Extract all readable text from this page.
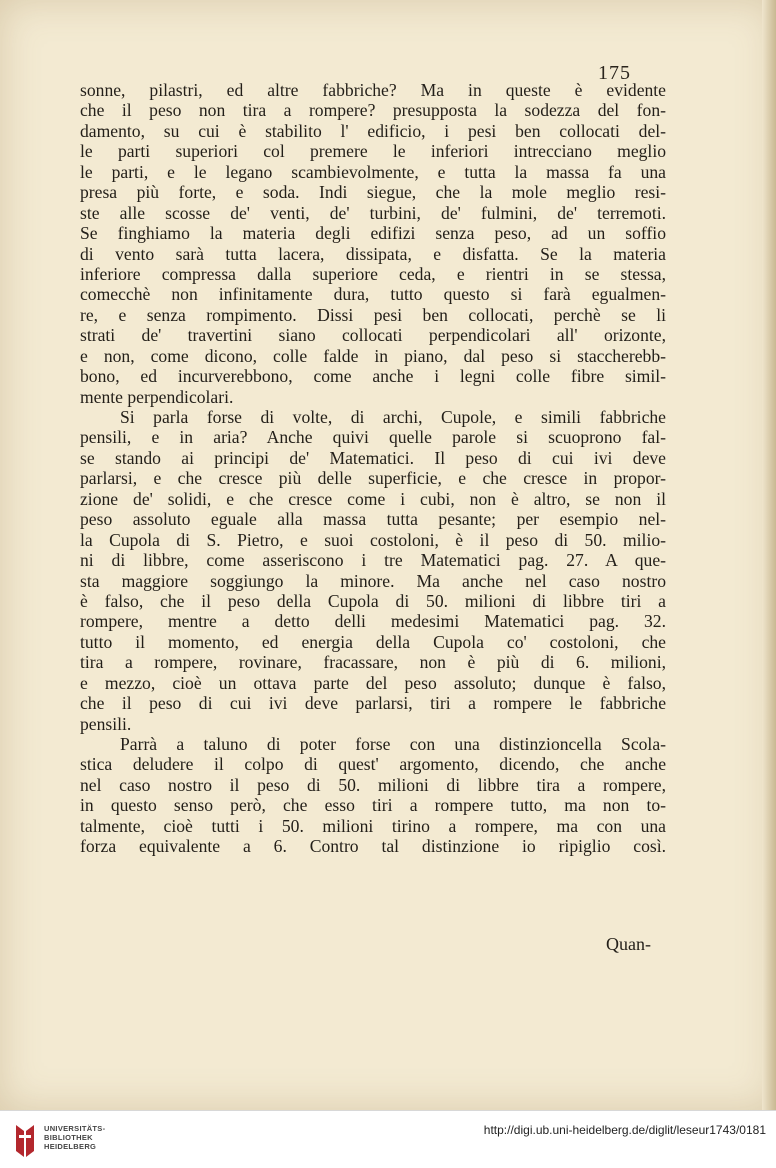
175
sonne, pilastri, ed altre fabbriche? Ma in queste è evidente
che il peso non tira a rompere? presupposta la sodezza del fon-
damento, su cui è stabilito l' edificio, i pesi ben collocati del-
le parti superiori col premere le inferiori intrecciano meglio
le parti, e le legano scambievolmente, e tutta la massa fa una
presa più forte, e soda. Indi siegue, che la mole meglio resi-
ste alle scosse de' venti, de' turbini, de' fulmini, de' terremoti.
Se finghiamo la materia degli edifizi senza peso, ad un soffio
di vento sarà tutta lacera, dissipata, e disfatta. Se la materia
inferiore compressa dalla superiore ceda, e rientri in se stessa,
comecchè non infinitamente dura, tutto questo si farà egualmen-
re, e senza rompimento. Dissi pesi ben collocati, perchè se li
strati de' travertini siano collocati perpendicolari all' orizonte,
e non, come dicono, colle falde in piano, dal peso si staccherebb-
bono, ed incurverebbono, come anche i legni colle fibre simil-
mente perpendicolari.
Si parla forse di volte, di archi, Cupole, e simili fabbriche
pensili, e in aria? Anche quivi quelle parole si scuoprono fal-
se stando ai principi de' Matematici. Il peso di cui ivi deve
parlarsi, e che cresce più delle superficie, e che cresce in propor-
zione de' solidi, e che cresce come i cubi, non è altro, se non il
peso assoluto eguale alla massa tutta pesante; per esempio nel-
la Cupola di S. Pietro, e suoi costoloni, è il peso di 50. milio-
ni di libbre, come asseriscono i tre Matematici pag. 27. A que-
sta maggiore soggiungo la minore. Ma anche nel caso nostro
è falso, che il peso della Cupola di 50. milioni di libbre tiri a
rompere, mentre a detto delli medesimi Matematici pag. 32.
tutto il momento, ed energia della Cupola co' costoloni, che
tira a rompere, rovinare, fracassare, non è più di 6. milioni,
e mezzo, cioè un ottava parte del peso assoluto; dunque è falso,
che il peso di cui ivi deve parlarsi, tiri a rompere le fabbriche
pensili.
Parrà a taluno di poter forse con una distinzioncella Scola-
stica deludere il colpo di quest' argomento, dicendo, che anche
nel caso nostro il peso di 50. milioni di libbre tira a rompere,
in questo senso però, che esso tiri a rompere tutto, ma non to-
talmente, cioè tutti i 50. milioni tirino a rompere, ma con una
forza equivalente a 6. Contro tal distinzione io ripiglio così.
Quan-
UNIVERSITÄTS-
BIBLIOTHEK
HEIDELBERG
http://digi.ub.uni-heidelberg.de/diglit/leseur1743/0181
